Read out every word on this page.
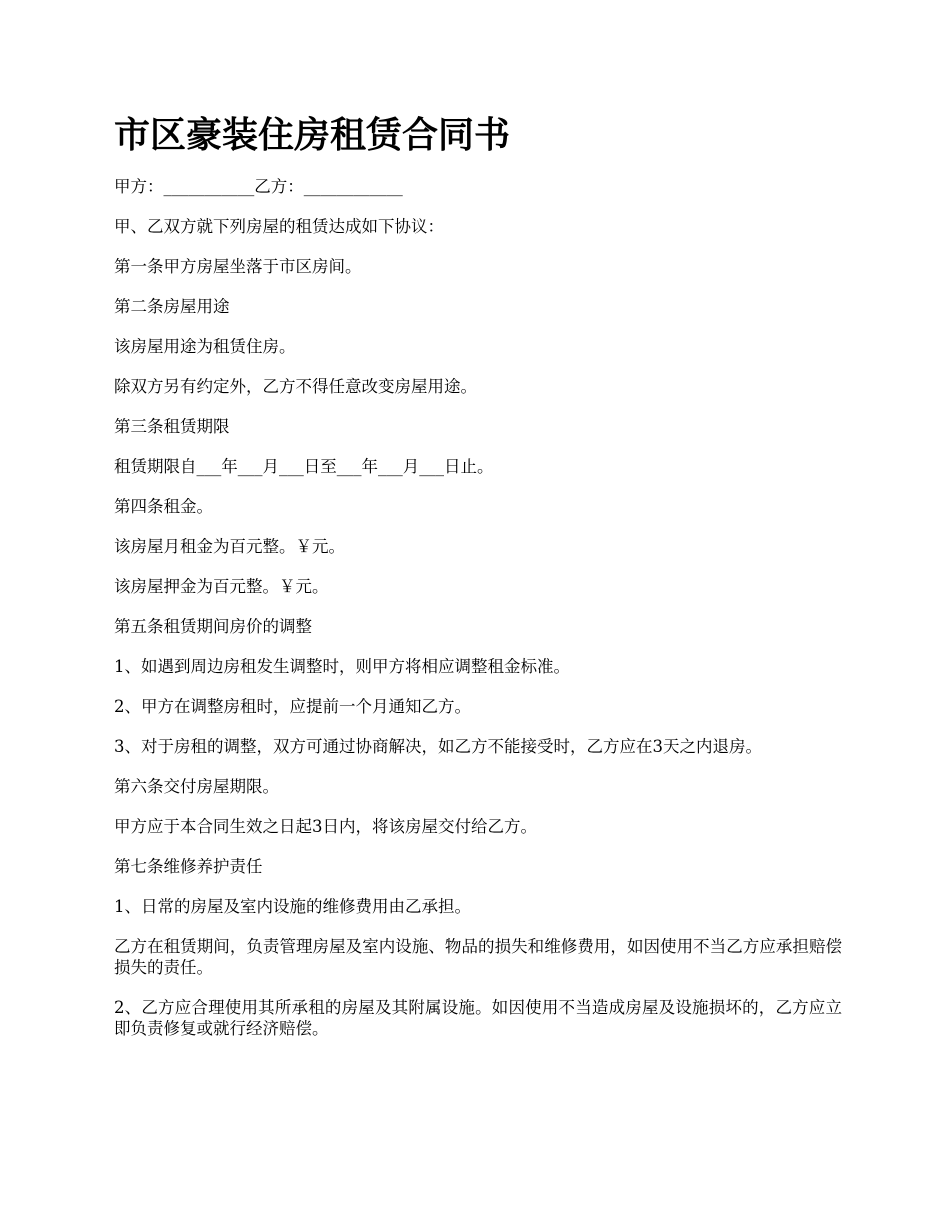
市区豪装住房租赁合同书

甲方：___________乙方：____________

甲、乙双方就下列房屋的租赁达成如下协议：

第一条甲方房屋坐落于市区房间。

第二条房屋用途

该房屋用途为租赁住房。

除双方另有约定外，乙方不得任意改变房屋用途。

第三条租赁期限

租赁期限自___年___月___日至___年___月___日止。

第四条租金。

该房屋月租金为百元整。￥元。

该房屋押金为百元整。￥元。

第五条租赁期间房价的调整

1、如遇到周边房租发生调整时，则甲方将相应调整租金标准。

2、甲方在调整房租时，应提前一个月通知乙方。

3、对于房租的调整，双方可通过协商解决，如乙方不能接受时，乙方应在3天之内退房。

第六条交付房屋期限。

甲方应于本合同生效之日起3日内，将该房屋交付给乙方。

第七条维修养护责任

1、日常的房屋及室内设施的维修费用由乙承担。

乙方在租赁期间，负责管理房屋及室内设施、物品的损失和维修费用，如因使用不当乙方应承担赔偿损失的责任。

2、乙方应合理使用其所承租的房屋及其附属设施。如因使用不当造成房屋及设施损坏的，乙方应立即负责修复或就行经济赔偿。
